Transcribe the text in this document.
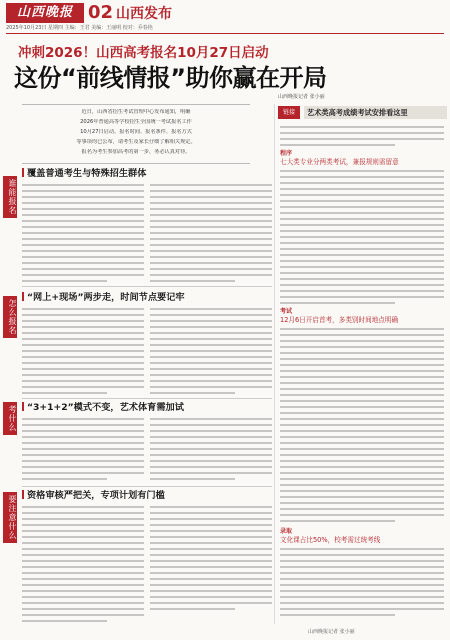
山西晚报 02 山西发布
2025年10月23日 星期四 主编：王君 美编：王丽明 校对：乔春艳
冲刺2026！山西高考报名10月27日启动
这份“前线情报”助你赢在开局
近日，山西省招生考试管理中心发布通知，明确
2026年普通高等学校招生全国统一考试报名工作
10月27日启动。报名时间、报名条件、报名方式
等事项均已公布，请考生及家长仔细了解相关规定。
报名为考生参加高考的第一步，务必认真对待。
山西晚报记者 张小丽
谁能报名
怎么报名
考什么
要注意什么
覆盖普通考生与特殊招生群体
“网上+现场”两步走，时间节点要记牢
“3+1+2”模式不变，艺术体育需加试
资格审核严把关，专项计划有门槛
链接	艺术类高考成绩考试安排看这里
程序
七大类专业分两类考试，兼报规则需留意
考试
12月6日开启首考，多类别时间地点明确
录取
文化课占比50%，校考需过统考线
山西晚报记者 张小丽
